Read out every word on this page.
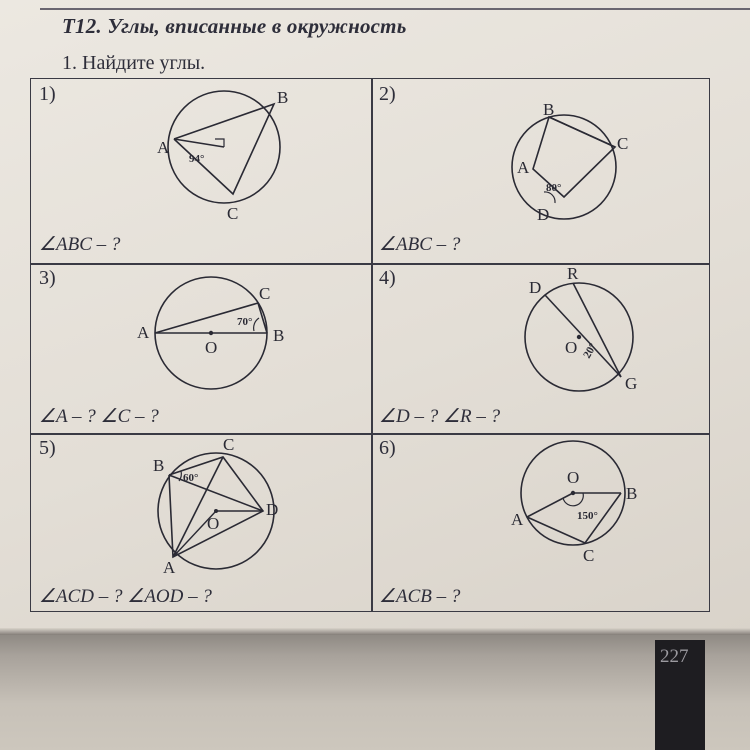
Т12. Углы, вписанные в окружность
1. Найдите углы.
1)
A
B
C
94°
∠ABC – ?
2)
B
C
A
D
80°
∠ABC – ?
3)
A
C
B
O
70°
∠A – ? ∠C – ?
4)	R
D
O
G
20°
∠D – ? ∠R – ?
5)
B
C
D
O
A
60°
∠ACD – ? ∠AOD – ?
6)
O
B
A
C
150°
∠ACB – ?
227
